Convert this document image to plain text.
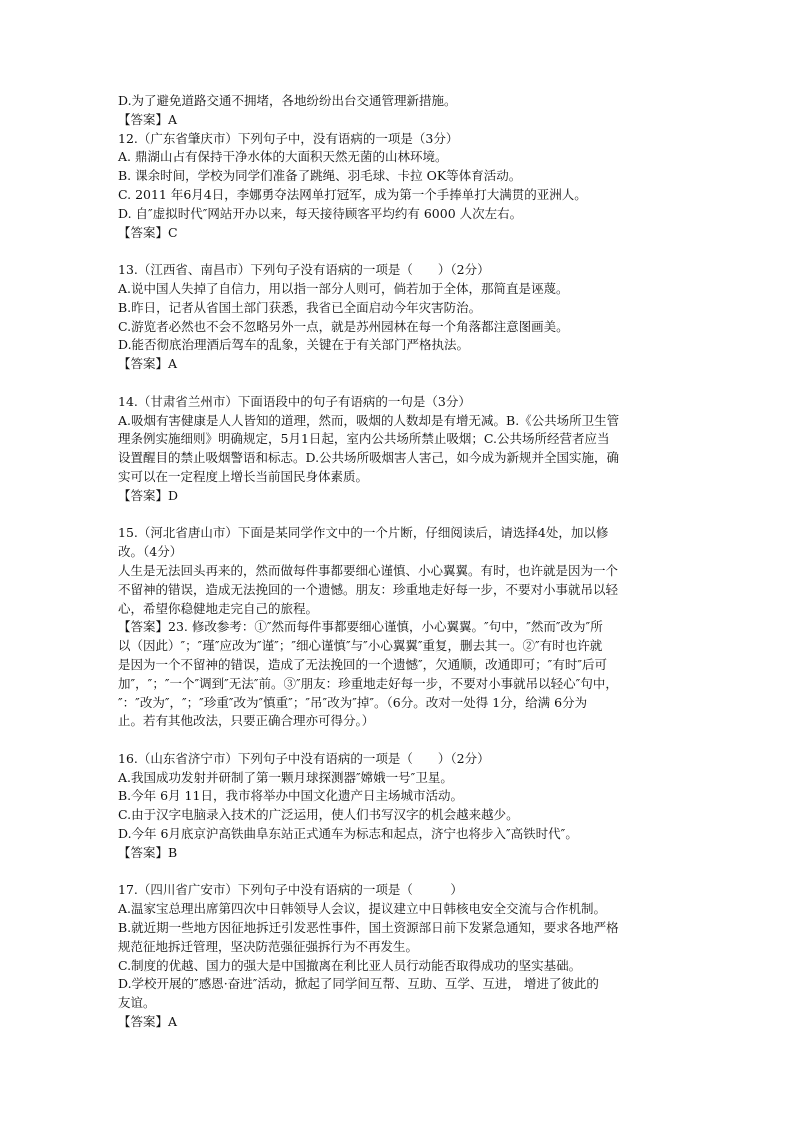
D.为了避免道路交通不拥堵，各地纷纷出台交通管理新措施。
【答案】A
12.（广东省肇庆市）下列句子中，没有语病的一项是（3分）
A. 鼎湖山占有保持干净水体的大面积天然无菌的山林环境。
B. 课余时间，学校为同学们准备了跳绳、羽毛球、卡拉 OK等体育活动。
C. 2011 年6月4日，李娜勇夺法网单打冠军，成为第一个手捧单打大满贯的亚洲人。
D. 自″虚拟时代″网站开办以来，每天接待顾客平均约有 6000 人次左右。
【答案】C
13.（江西省、南昌市）下列句子没有语病的一项是（　　）（2分）
A.说中国人失掉了自信力，用以指一部分人则可，倘若加于全体，那简直是诬蔑。
B.昨日，记者从省国土部门获悉，我省已全面启动今年灾害防治。
C.游览者必然也不会不忽略另外一点，就是苏州园林在每一个角落都注意图画美。
D.能否彻底治理酒后驾车的乱象，关键在于有关部门严格执法。
【答案】A
14.（甘肃省兰州市）下面语段中的句子有语病的一句是（3分）
A.吸烟有害健康是人人皆知的道理，然而，吸烟的人数却是有增无减。B.《公共场所卫生管
理条例实施细则》明确规定，5月1日起，室内公共场所禁止吸烟；C.公共场所经营者应当
设置醒目的禁止吸烟警语和标志。D.公共场所吸烟害人害己，如今成为新规并全国实施，确
实可以在一定程度上增长当前国民身体素质。
【答案】D
15.（河北省唐山市）下面是某同学作文中的一个片断，仔细阅读后，请选择4处，加以修
改。（4分）
人生是无法回头再来的，然而做每件事都要细心谨慎、小心翼翼。有时，也许就是因为一个
不留神的错误，造成无法挽回的一个遗憾。朋友：珍重地走好每一步，不要对小事就吊以轻
心，希望你稳健地走完自己的旅程。
【答案】23. 修改参考：①″然而每件事都要细心谨慎，小心翼翼。″句中，″然而″改为″所
以（因此）″；″瑾″应改为″谨″；″细心谨慎″与″小心翼翼″重复，删去其一。②″有时也许就
是因为一个不留神的错误，造成了无法挽回的一个遗憾″，欠通顺，改通即可；″有时″后可
加″，″；″一个″调到″无法″前。③″朋友：珍重地走好每一步，不要对小事就吊以轻心″句中，
″：″改为″，″；″珍重″改为″慎重″；″吊″改为″掉″。（6分。改对一处得 1分，给满 6分为
止。若有其他改法，只要正确合理亦可得分。）
16.（山东省济宁市）下列句子中没有语病的一项是（　　）（2分）
A.我国成功发射并研制了第一颗月球探测器″嫦娥一号″卫星。
B.今年 6月 11日，我市将举办中国文化遗产日主场城市活动。
C.由于汉字电脑录入技术的广泛运用，使人们书写汉字的机会越来越少。
D.今年 6月底京沪高铁曲阜东站正式通车为标志和起点，济宁也将步入″高铁时代″。
【答案】B
17.（四川省广安市）下列句子中没有语病的一项是（　　　）
A.温家宝总理出席第四次中日韩领导人会议，提议建立中日韩核电安全交流与合作机制。
B.就近期一些地方因征地拆迁引发恶性事件，国土资源部日前下发紧急通知，要求各地严格
规范征地拆迁管理，坚决防范强征强拆行为不再发生。
C.制度的优越、国力的强大是中国撤离在利比亚人员行动能否取得成功的坚实基础。
D.学校开展的″感恩·奋进″活动，掀起了同学间互帮、互助、互学、互进， 增进了彼此的
友谊。
【答案】A
